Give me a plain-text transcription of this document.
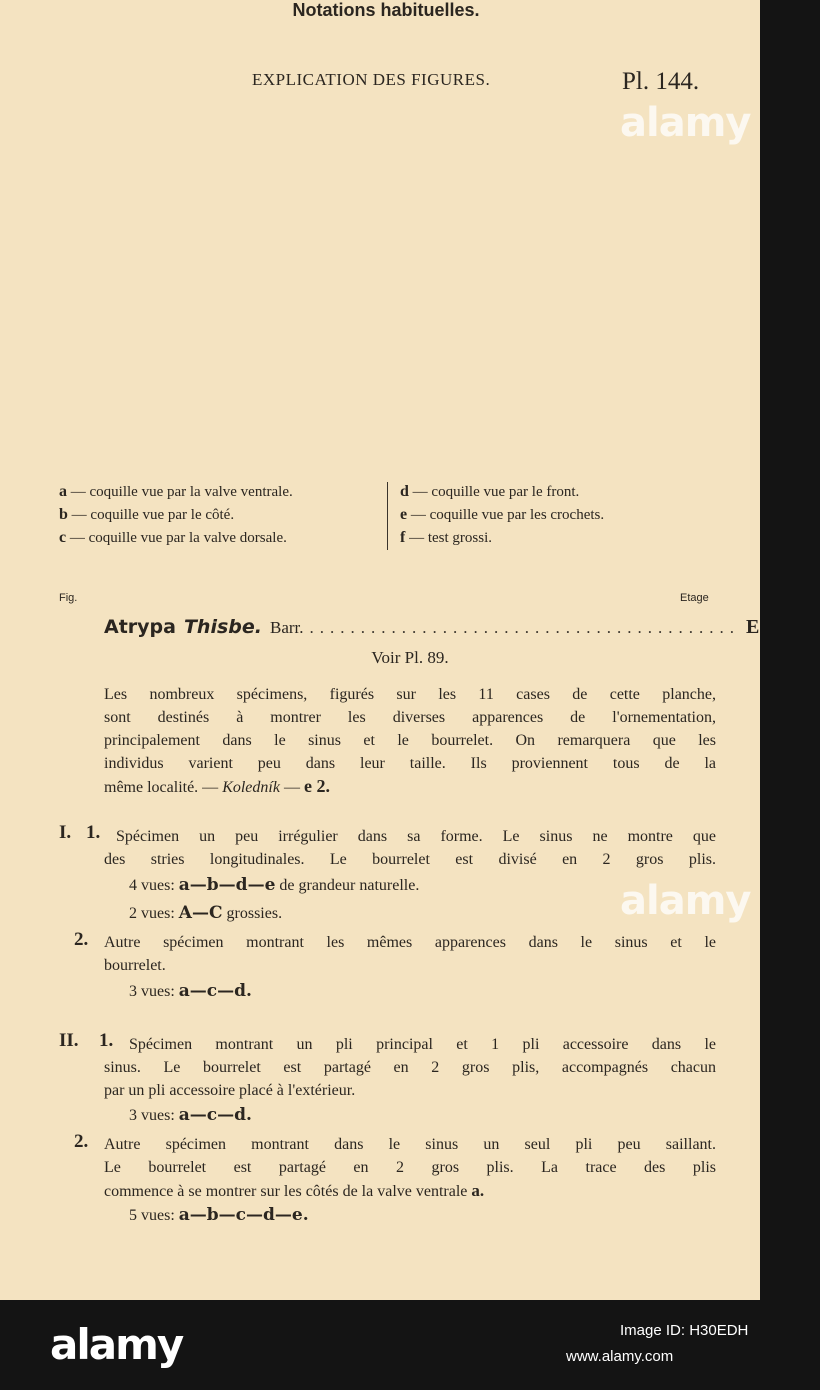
EXPLICATION DES FIGURES.	Pl. 144.
alamy
alamy
Notations habituelles.
a — coquille vue par la valve ventrale.
b — coquille vue par le côté.
c — coquille vue par la valve dorsale.
d — coquille vue par le front.
e — coquille vue par les crochets.
f — test grossi.
Fig.	Etage
Atrypa Thisbe. Barr. .......................................... E
Voir Pl. 89.
Les nombreux spécimens, figurés sur les 11 cases de cette planche,
sont destinés à montrer les diverses apparences de l'ornementation,
principalement dans le sinus et le bourrelet. On remarquera que les
individus varient peu dans leur taille. Ils proviennent tous de la
même localité. — Koledník — e 2.
I. 1. Spécimen un peu irrégulier dans sa forme. Le sinus ne montre que
des stries longitudinales. Le bourrelet est divisé en 2 gros plis.
4 vues: a—b—d—e de grandeur naturelle.
2 vues: A—C grossies.
2. Autre spécimen montrant les mêmes apparences dans le sinus et le
bourrelet.
3 vues: a—c—d.
II. 1. Spécimen montrant un pli principal et 1 pli accessoire dans le
sinus. Le bourrelet est partagé en 2 gros plis, accompagnés chacun
par un pli accessoire placé à l'extérieur.
3 vues: a—c—d.
2. Autre spécimen montrant dans le sinus un seul pli peu saillant.
Le bourrelet est partagé en 2 gros plis. La trace des plis
commence à se montrer sur les côtés de la valve ventrale a.
5 vues: a—b—c—d—e.
alamy	Image ID: H30EDH
www.alamy.com
